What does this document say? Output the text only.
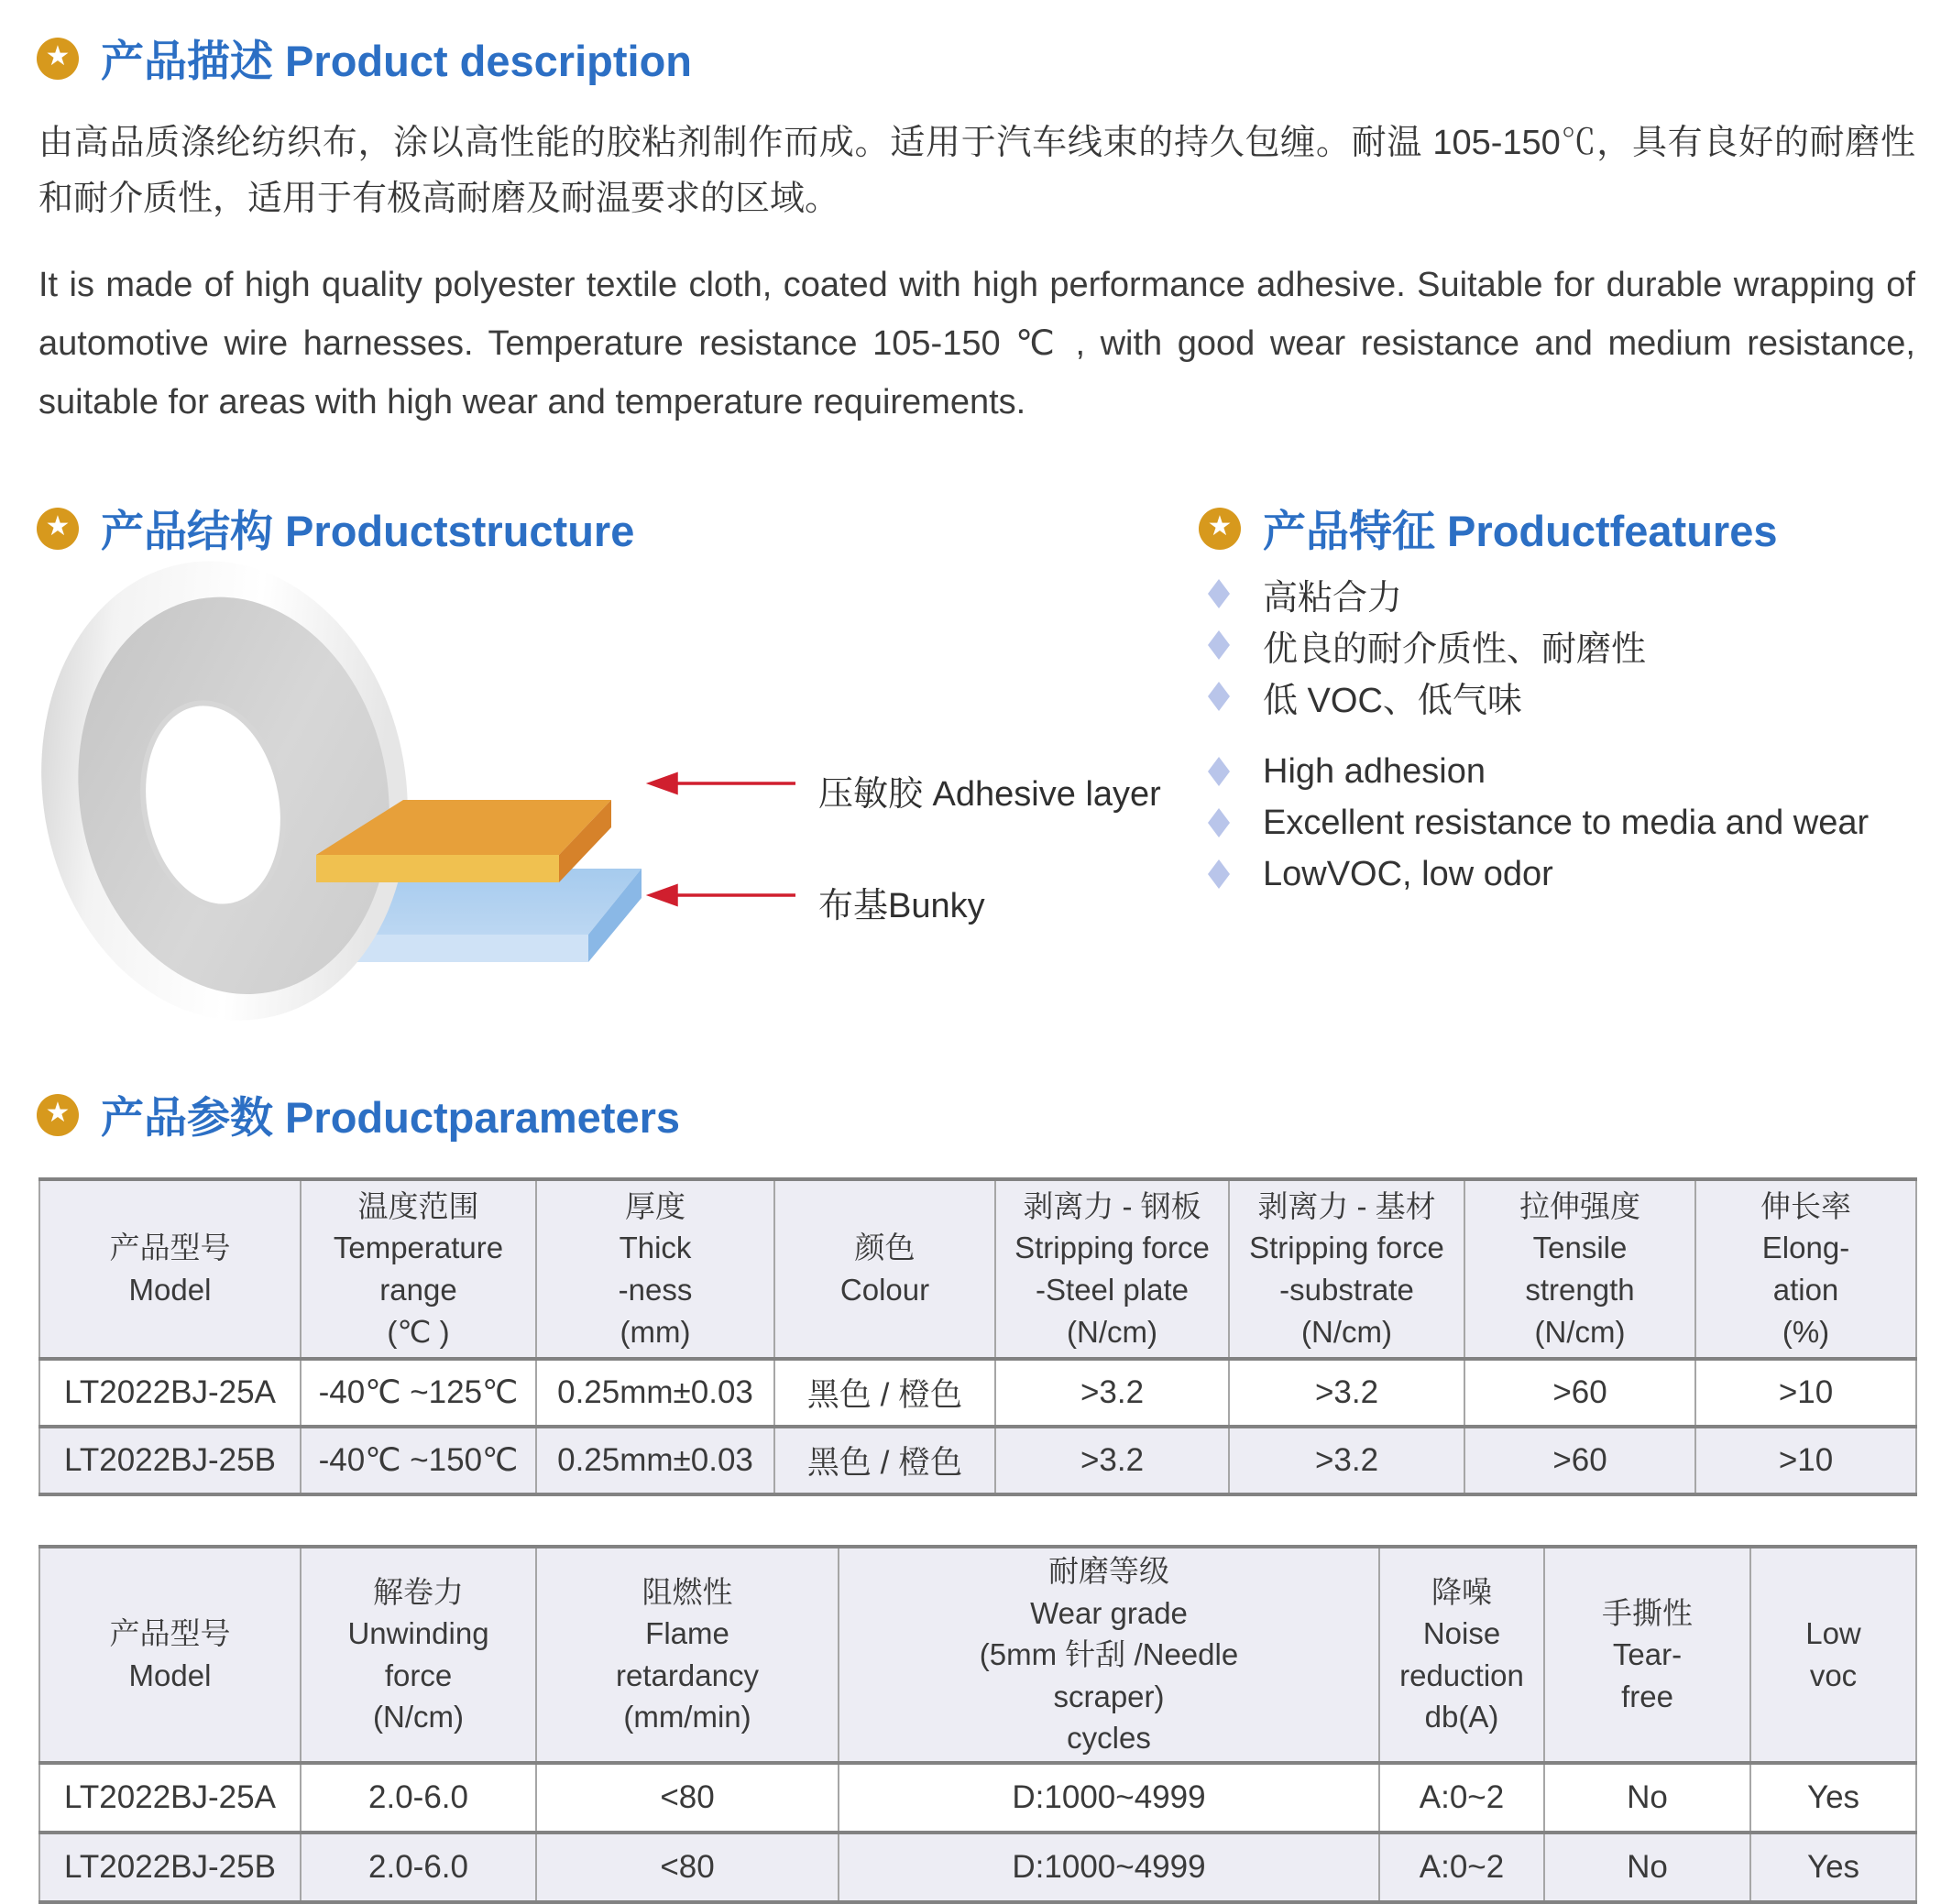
★ 产品描述 Product description

由高品质涤纶纺织布，涂以高性能的胶粘剂制作而成。适用于汽车线束的持久包缠。耐温 105-150℃，具有良好的耐磨性和耐介质性，适用于有极高耐磨及耐温要求的区域。

It is made of high quality polyester textile cloth, coated with high performance adhesive. Suitable for durable wrapping of automotive wire harnesses. Temperature resistance 105-150 ℃ , with good wear resistance and medium resistance, suitable for areas with high wear and temperature requirements.

★ 产品结构 Productstructure	★ 产品特征 Productfeatures
压敏胶 Adhesive layer
布基Bunky
高粘合力
优良的耐介质性、耐磨性
低 VOC、低气味
High adhesion
Excellent resistance to media and wear
LowVOC, low odor
★ 产品参数 Productparameters
产品型号
Model	温度范围
Temperature
range
(℃ )	厚度
Thick
-ness
(mm)	颜色
Colour	剥离力 - 钢板
Stripping force
-Steel plate
(N/cm)	剥离力 - 基材
Stripping force
-substrate
(N/cm)	拉伸强度
Tensile
strength
(N/cm)	伸长率
Elong-
ation
(%)
LT2022BJ-25A	-40℃ ~125℃	0.25mm±0.03	黑色 / 橙色	>3.2	>3.2	>60	>10
LT2022BJ-25B	-40℃ ~150℃	0.25mm±0.03	黑色 / 橙色	>3.2	>3.2	>60	>10
产品型号
Model	解卷力
Unwinding
force
(N/cm)	阻燃性
Flame
retardancy
(mm/min)	耐磨等级
Wear grade
(5mm 针刮 /Needle
scraper)
cycles	降噪
Noise
reduction
db(A)	手撕性
Tear-
free	Low
voc
LT2022BJ-25A	2.0-6.0	<80	D:1000~4999	A:0~2	No	Yes
LT2022BJ-25B	2.0-6.0	<80	D:1000~4999	A:0~2	No	Yes
